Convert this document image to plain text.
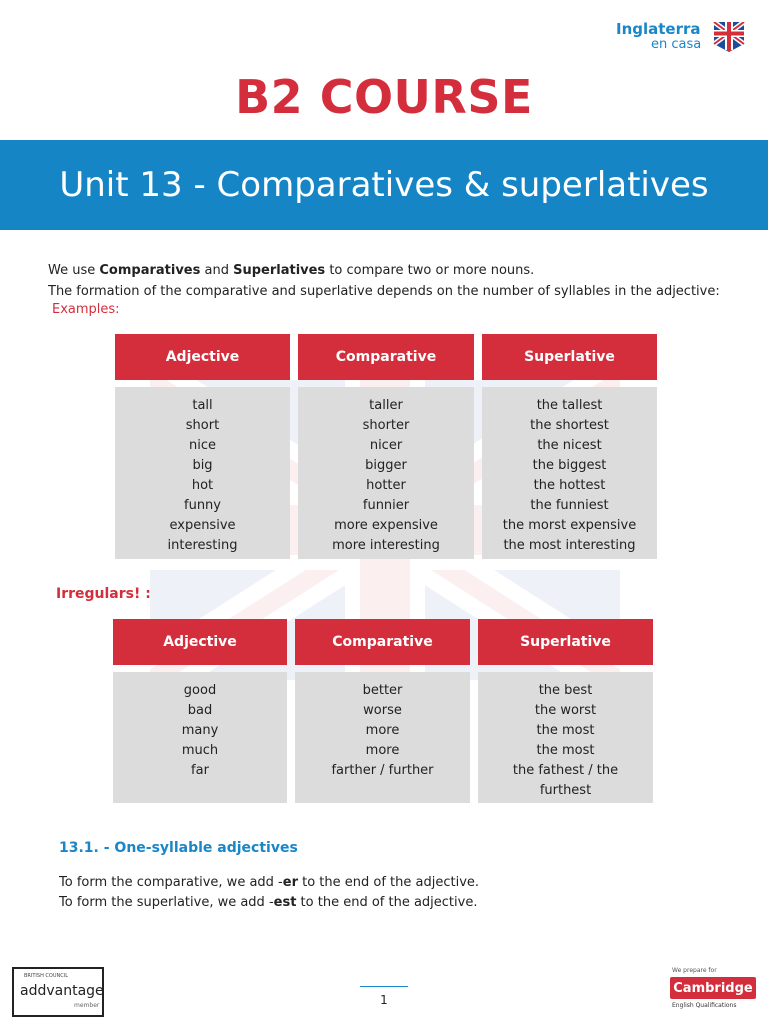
Inglaterra
en casa
B2 COURSE
Unit 13 - Comparatives & superlatives
We use Comparatives and Superlatives to compare two or more nouns.
The formation of the comparative and superlative depends on the number of syllables in the adjective:
Examples:
Adjective
tall
short
nice
big
hot
funny
expensive
interesting
Comparative
taller
shorter
nicer
bigger
hotter
funnier
more expensive
more interesting
Superlative
the tallest
the shortest
the nicest
the biggest
the hottest
the funniest
the morst expensive
the most interesting
Irregulars! :
Adjective
good
bad
many
much
far
Comparative
better
worse
more
more
farther / further
Superlative
the best
the worst
the most
the most
the fathest / the
furthest
13.1. - One-syllable adjectives
To form the comparative, we add -er to the end of the adjective.
To form the superlative, we add -est to the end of the adjective.
BRITISH COUNCIL
addvantage
member	1
We prepare for
Cambridge
English Qualifications
